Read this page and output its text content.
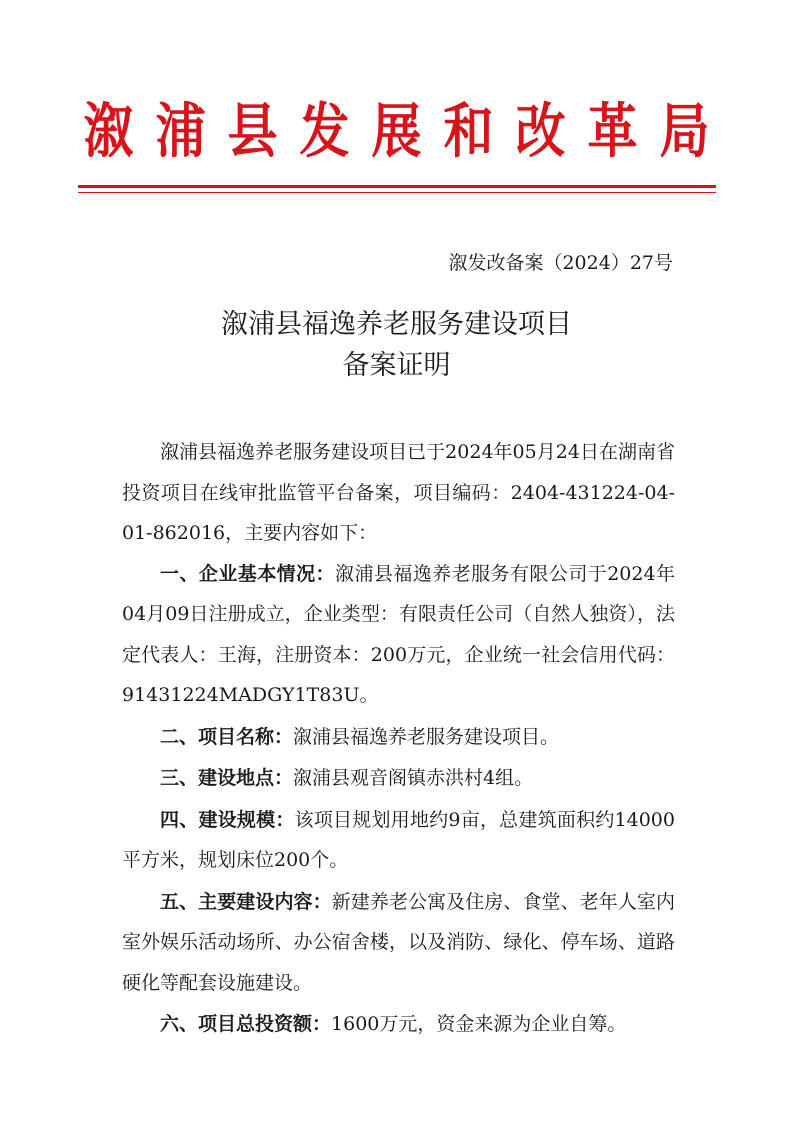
溆浦县发展和改革局
溆发改备案（2024）27号
溆浦县福逸养老服务建设项目
备案证明

溆浦县福逸养老服务建设项目已于2024年05月24日在湖南省投资项目在线审批监管平台备案，项目编码：2404-431224-04-01-862016，主要内容如下：

一、企业基本情况：溆浦县福逸养老服务有限公司于2024年04月09日注册成立，企业类型：有限责任公司（自然人独资），法定代表人：王海，注册资本：200万元，企业统一社会信用代码：91431224MADGY1T83U。

二、项目名称：溆浦县福逸养老服务建设项目。

三、建设地点：溆浦县观音阁镇赤洪村4组。

四、建设规模：该项目规划用地约9亩，总建筑面积约14000平方米，规划床位200个。

五、主要建设内容：新建养老公寓及住房、食堂、老年人室内室外娱乐活动场所、办公宿舍楼，以及消防、绿化、停车场、道路硬化等配套设施建设。

六、项目总投资额：1600万元，资金来源为企业自筹。
